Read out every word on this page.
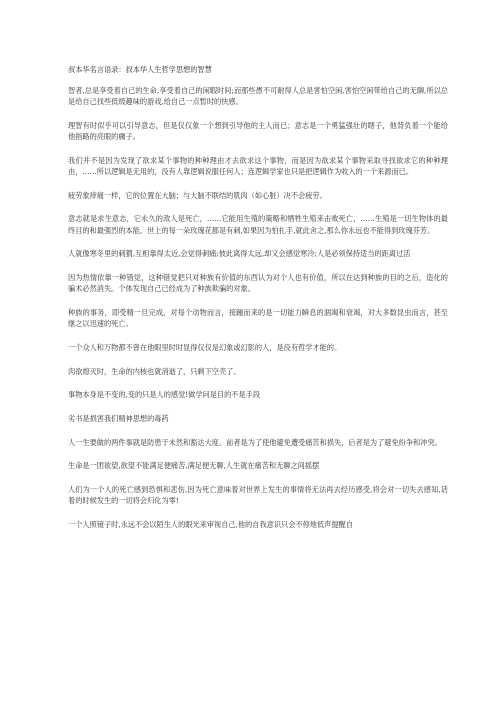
叔本华名言语录：叔本华人生哲学思想的智慧

智者,总是享受着自己的生命,享受着自己的闲暇时间;而那些愚不可耐得人总是害怕空闲,害怕空闲带给自己的无聊,所以总是给自己找些低级趣味的游戏,给自己一点暂时的快感。

理智有时似乎可以引导意志，但是仅仅象一个想到引导他的主人而已；意志是一个勇猛强壮的瞎子，他背负着一个能给他指路的亮眼的瘸子。

我们并不是因为发现了欲求某个事物的种种理由才去欲求这个事物，而是因为欲求某个事物采取寻找欲求它的种种理由，……所以逻辑是无用的，没有人靠逻辑说服任何人；连逻辑学家也只是把逻辑作为收入的一个来源而已。

疲劳象痒痛一样，它的位置在大脑；与大脑不联结的肌肉（如心脏）决不会疲劳。

意志就是求生意志，它永久的敌人是死亡，……它能用生殖的策略和牺牲生殖来击败死亡，……生殖是一切生物体的最终目的和最强烈的本能。世上的每一朵玫瑰花都是有刺,如果因为怕扎手,就此舍之,那么你永远也不能得到玫瑰芬芳。

人就像寒冬里的刺猬,互相靠得太近,会觉得刺痛;彼此离得太远,却又会感觉寒冷;人是必须保持适当的距离过活

因为热情依靠一种错觉，这种错觉把只对种族有价值的东西认为对个人也有价值，所以在达到种族的目的之后，造化的骗术必然消失。个体发现自己已经成为了种族欺骗的对象。

种族的事务，即受精一旦完成，对每个动物而言，接踵而来的是一切能力瞬息的涸竭和衰竭，对大多数昆虫而言，甚至继之以迅速的死亡。

一个众人和万物都不曾在他眼里时时显得仅仅是幻象或幻影的人，是没有哲学才能的。

肉欲熄灭时，生命的内核也就消逝了，只剩下空壳了。

事物本身是不变的,变的只是人的感觉!做学问是目的不是手段

劣书是损害我们精神思想的毒药

人一生要做的两件事就是防患于未然和豁达大度。前者是为了使他避免遭受痛苦和损失，后者是为了避免纷争和冲突。

生命是一团欲望,欲望不能满足便痛苦,满足便无聊,人生就在痛苦和无聊之间摇摆

人们为一个人的死亡感到恐惧和悲伤,因为死亡意味着对世界上发生的事情将无法再去经历感受,将会对一切失去感知,话着的时候发生的一切将会归化为零!

一个人照镜子时,永远不会以陌生人的眼光来审视自己,他的自我意识只会不停地低声提醒自
